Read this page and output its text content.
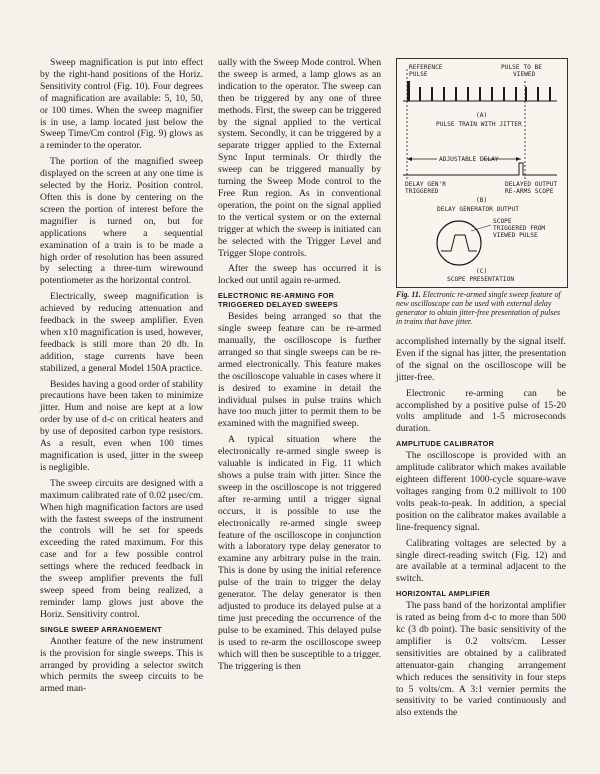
Sweep magnification is put into effect by the right-hand positions of the Horiz. Sensitivity control (Fig. 10). Four degrees of magnification are available: 5, 10, 50, or 100 times. When the sweep magnifier is in use, a lamp located just below the Sweep Time/Cm control (Fig. 9) glows as a reminder to the operator.

The portion of the magnified sweep displayed on the screen at any one time is selected by the Horiz. Position control. Often this is done by centering on the screen the portion of interest before the magnifier is turned on, but for applications where a sequential examination of a train is to be made a high order of resolution has been assured by selecting a three-turn wirewound potentiometer as the horizontal control.

Electrically, sweep magnification is achieved by reducing attenuation and feedback in the sweep amplifier. Even when x10 magnification is used, however, feedback is still more than 20 db. In addition, stage currents have been stabilized, a general Model 150A practice.

Besides having a good order of stability precautions have been taken to minimize jitter. Hum and noise are kept at a low order by use of d-c on critical heaters and by use of deposited carbon type resistors. As a result, even when 100 times magnification is used, jitter in the sweep is negligible.

The sweep circuits are designed with a maximum calibrated rate of 0.02 µsec/cm. When high magnification factors are used with the fastest sweeps of the instrument the controls will be set for speeds exceeding the rated maximum. For this case and for a few possible control settings where the reduced feedback in the sweep amplifier prevents the full sweep speed from being realized, a reminder lamp glows just above the Horiz. Sensitivity control.

SINGLE SWEEP ARRANGEMENT

Another feature of the new instrument is the provision for single sweeps. This is arranged by providing a selector switch which permits the sweep circuits to be armed man-

ually with the Sweep Mode control. When the sweep is armed, a lamp glows as an indication to the operator. The sweep can then be triggered by any one of three methods. First, the sweep can be triggered by the signal applied to the vertical system. Secondly, it can be triggered by a separate trigger applied to the External Sync Input terminals. Or thirdly the sweep can be triggered manually by turning the Sweep Mode control to the Free Run region. As in conventional operation, the point on the signal applied to the vertical system or on the external trigger at which the sweep is initiated can be selected with the Trigger Level and Trigger Slope controls.

After the sweep has occurred it is locked out until again re-armed.

ELECTRONIC RE-ARMING FOR TRIGGERED DELAYED SWEEPS

Besides being arranged so that the single sweep feature can be re-armed manually, the oscilloscope is further arranged so that single sweeps can be re-armed electronically. This feature makes the oscilloscope valuable in cases where it is desired to examine in detail the individual pulses in pulse trains which have too much jitter to permit them to be examined with the magnified sweep.

A typical situation where the electronically re-armed single sweep is valuable is indicated in Fig. 11 which shows a pulse train with jitter. Since the sweep in the oscilloscope is not triggered after re-arming until a trigger signal occurs, it is possible to use the electronically re-armed single sweep feature of the oscilloscope in conjunction with a laboratory type delay generator to examine any arbitrary pulse in the train. This is done by using the initial reference pulse of the train to trigger the delay generator. The delay generator is then adjusted to produce its delayed pulse at a time just preceding the occurrence of the pulse to be examined. This delayed pulse is used to re-arm the oscilloscope sweep which will then be susceptible to a trigger. The triggering is then

REFERENCE
PULSE
PULSE TO BE
VIEWED
(A)
PULSE TRAIN WITH JITTER
ADJUSTABLE DELAY
DELAY GEN'R
TRIGGERED
DELAYED OUTPUT
RE-ARMS SCOPE
(B)
DELAY GENERATOR OUTPUT
SCOPE
TRIGGERED FROM
VIEWED PULSE
(C)
SCOPE PRESENTATION
Fig. 11. Electronic re-armed single sweep feature of new oscilloscope can be used with external delay generator to obtain jitter-free presentation of pulses in trains that have jitter.

accomplished internally by the signal itself. Even if the signal has jitter, the presentation of the signal on the oscilloscope will be jitter-free.

Electronic re-arming can be accomplished by a positive pulse of 15-20 volts amplitude and 1-5 microseconds duration.

AMPLITUDE CALIBRATOR

The oscilloscope is provided with an amplitude calibrator which makes available eighteen different 1000-cycle square-wave voltages ranging from 0.2 millivolt to 100 volts peak-to-peak. In addition, a special position on the calibrator makes available a line-frequency signal.

Calibrating voltages are selected by a single direct-reading switch (Fig. 12) and are available at a terminal adjacent to the switch.

HORIZONTAL AMPLIFIER

The pass band of the horizontal amplifier is rated as being from d-c to more than 500 kc (3 db point). The basic sensitivity of the amplifier is 0.2 volts/cm. Lesser sensitivities are obtained by a calibrated attenuator-gain changing arrangement which reduces the sensitivity in four steps to 5 volts/cm. A 3:1 vernier permits the sensitivity to be varied continuously and also extends the
